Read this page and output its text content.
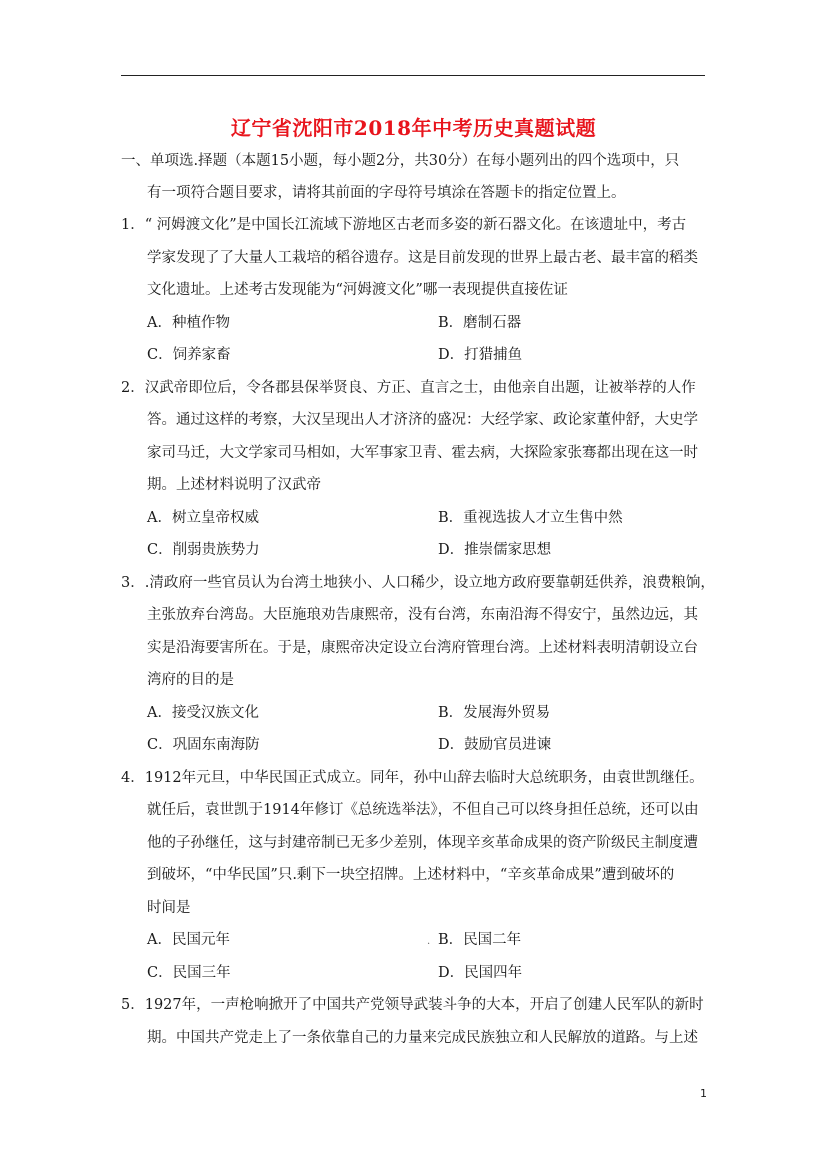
辽宁省沈阳市2018年中考历史真题试题
一、单项选.择题（本题15小题，每小题2分，共30分）在每小题列出的四个选项中，只
有一项符合题目要求，请将其前面的字母符号填涂在答题卡的指定位置上。
1．“ 河姆渡文化”是中国长江流域下游地区古老而多姿的新石器文化。在该遗址中，考古
学家发现了了大量人工栽培的稻谷遗存。这是目前发现的世界上最古老、最丰富的稻类
文化遗址。上述考古发现能为“河姆渡文化”哪一表现提供直接佐证
A．种植作物	B．磨制石器
C．饲养家畜	D．打猎捕鱼
2．汉武帝即位后，令各郡县保举贤良、方正、直言之士，由他亲自出题，让被举荐的人作
答。通过这样的考察，大汉呈现出人才济济的盛况：大经学家、政论家董仲舒，大史学
家司马迁，大文学家司马相如，大军事家卫青、霍去病，大探险家张骞都出现在这一时
期。上述材料说明了汉武帝
A．树立皇帝权威	B．重视选拔人才立生售中然
C．削弱贵族势力	D．推崇儒家思想
3．.清政府一些官员认为台湾土地狭小、人口稀少，设立地方政府要靠朝廷供养，浪费粮饷，
主张放弃台湾岛。大臣施琅劝告康熙帝，没有台湾，东南沿海不得安宁，虽然边远，其
实是沿海要害所在。于是，康熙帝决定设立台湾府管理台湾。上述材料表明清朝设立台
湾府的目的是
A．接受汉族文化	B．发展海外贸易
C．巩固东南海防	D．鼓励官员进谏
4．1912年元旦，中华民国正式成立。同年，孙中山辞去临时大总统职务，由袁世凯继任。
就任后，袁世凯于1914年修订《总统选举法》，不但自己可以终身担任总统，还可以由
他的子孙继任，这与封建帝制已无多少差别，体现辛亥革命成果的资产阶级民主制度遭
到破坏，“中华民国”只.剩下一块空招牌。上述材料中，“辛亥革命成果”遭到破坏的
时间是
A．民国元年	. B．民国二年
C．民国三年	D．民国四年
5．1927年，一声枪响掀开了中国共产党领导武装斗争的大本，开启了创建人民军队的新时
期。中国共产党走上了一条依靠自己的力量来完成民族独立和人民解放的道路。与上述
1
